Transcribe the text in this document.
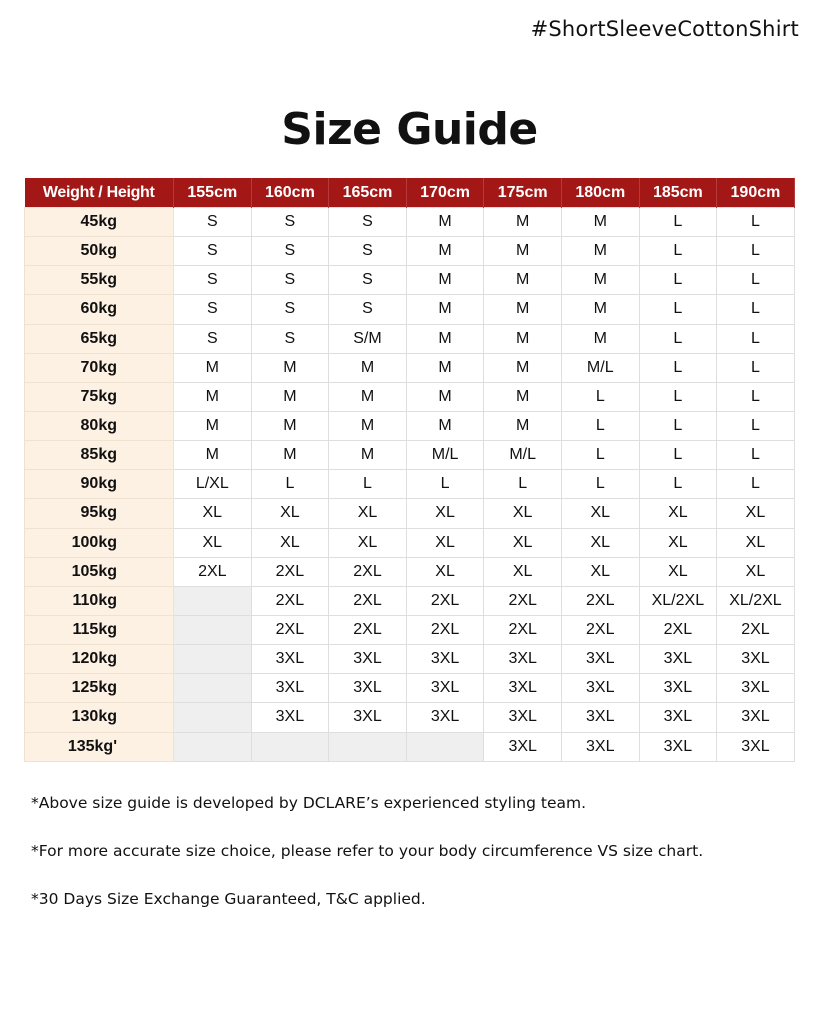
#ShortSleeveCottonShirt
Size Guide
Weight / Height	155cm	160cm	165cm	170cm	175cm	180cm	185cm	190cm
45kg	S	S	S	M	M	M	L	L
50kg	S	S	S	M	M	M	L	L
55kg	S	S	S	M	M	M	L	L
60kg	S	S	S	M	M	M	L	L
65kg	S	S	S/M	M	M	M	L	L
70kg	M	M	M	M	M	M/L	L	L
75kg	M	M	M	M	M	L	L	L
80kg	M	M	M	M	M	L	L	L
85kg	M	M	M	M/L	M/L	L	L	L
90kg	L/XL	L	L	L	L	L	L	L
95kg	XL	XL	XL	XL	XL	XL	XL	XL
100kg	XL	XL	XL	XL	XL	XL	XL	XL
105kg	2XL	2XL	2XL	XL	XL	XL	XL	XL
110kg		2XL	2XL	2XL	2XL	2XL	XL/2XL	XL/2XL
115kg		2XL	2XL	2XL	2XL	2XL	2XL	2XL
120kg		3XL	3XL	3XL	3XL	3XL	3XL	3XL
125kg		3XL	3XL	3XL	3XL	3XL	3XL	3XL
130kg		3XL	3XL	3XL	3XL	3XL	3XL	3XL
135kg'					3XL	3XL	3XL	3XL

*Above size guide is developed by DCLARE’s experienced styling team.

*For more accurate size choice, please refer to your body circumference VS size chart.

*30 Days Size Exchange Guaranteed, T&C applied.
